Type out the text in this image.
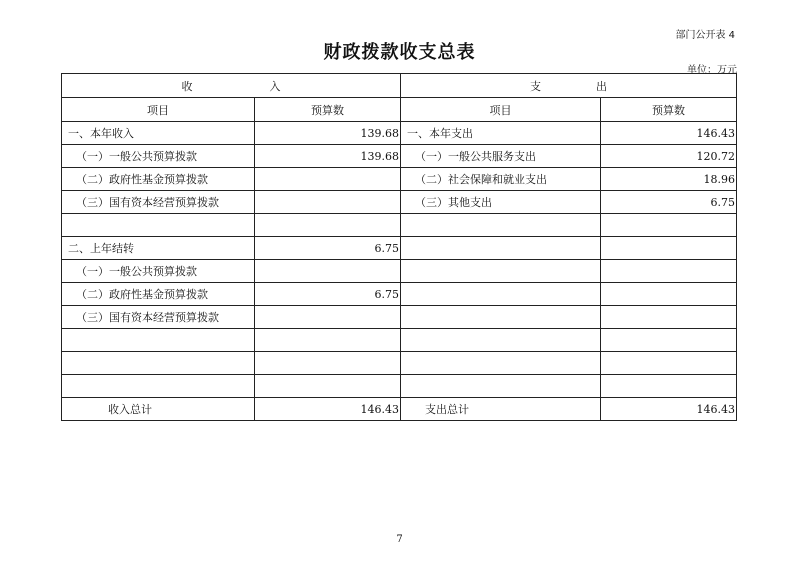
部门公开表 4
财政拨款收支总表
单位：万元
收　　　　　　　入		支　　　　　出	
项目	预算数	项目	预算数
一、本年收入	139.68	一、本年支出	146.43
（一）一般公共预算拨款	139.68	（一）一般公共服务支出	120.72
（二）政府性基金预算拨款		（二）社会保障和就业支出	18.96
（三）国有资本经营预算拨款		（三）其他支出	6.75

二、上年结转	6.75		
（一）一般公共预算拨款			
（二）政府性基金预算拨款	6.75		
（三）国有资本经营预算拨款			

收入总计	146.43	支出总计	146.43
7
